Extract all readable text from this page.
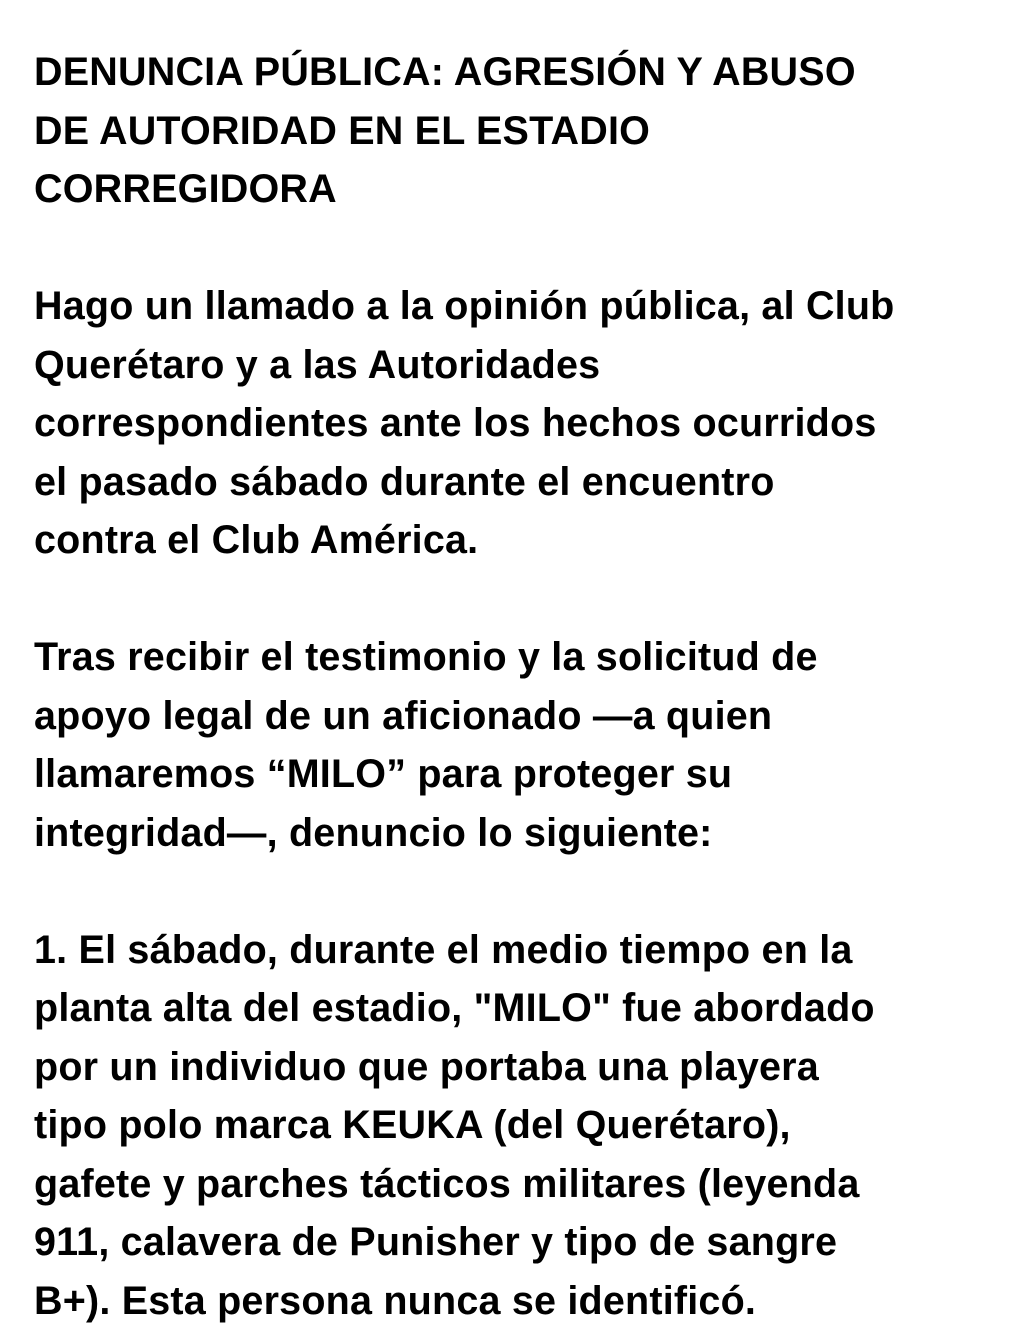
DENUNCIA PÚBLICA: AGRESIÓN Y ABUSO
DE AUTORIDAD EN EL ESTADIO
CORREGIDORA
Hago un llamado a la opinión pública, al Club
Querétaro y a las Autoridades
correspondientes ante los hechos ocurridos
el pasado sábado durante el encuentro
contra el Club América.
Tras recibir el testimonio y la solicitud de
apoyo legal de un aficionado —a quien
llamaremos “MILO” para proteger su
integridad—, denuncio lo siguiente:
1. El sábado, durante el medio tiempo en la
planta alta del estadio, "MILO" fue abordado
por un individuo que portaba una playera
tipo polo marca KEUKA (del Querétaro),
gafete y parches tácticos militares (leyenda
911, calavera de Punisher y tipo de sangre
B+). Esta persona nunca se identificó.
